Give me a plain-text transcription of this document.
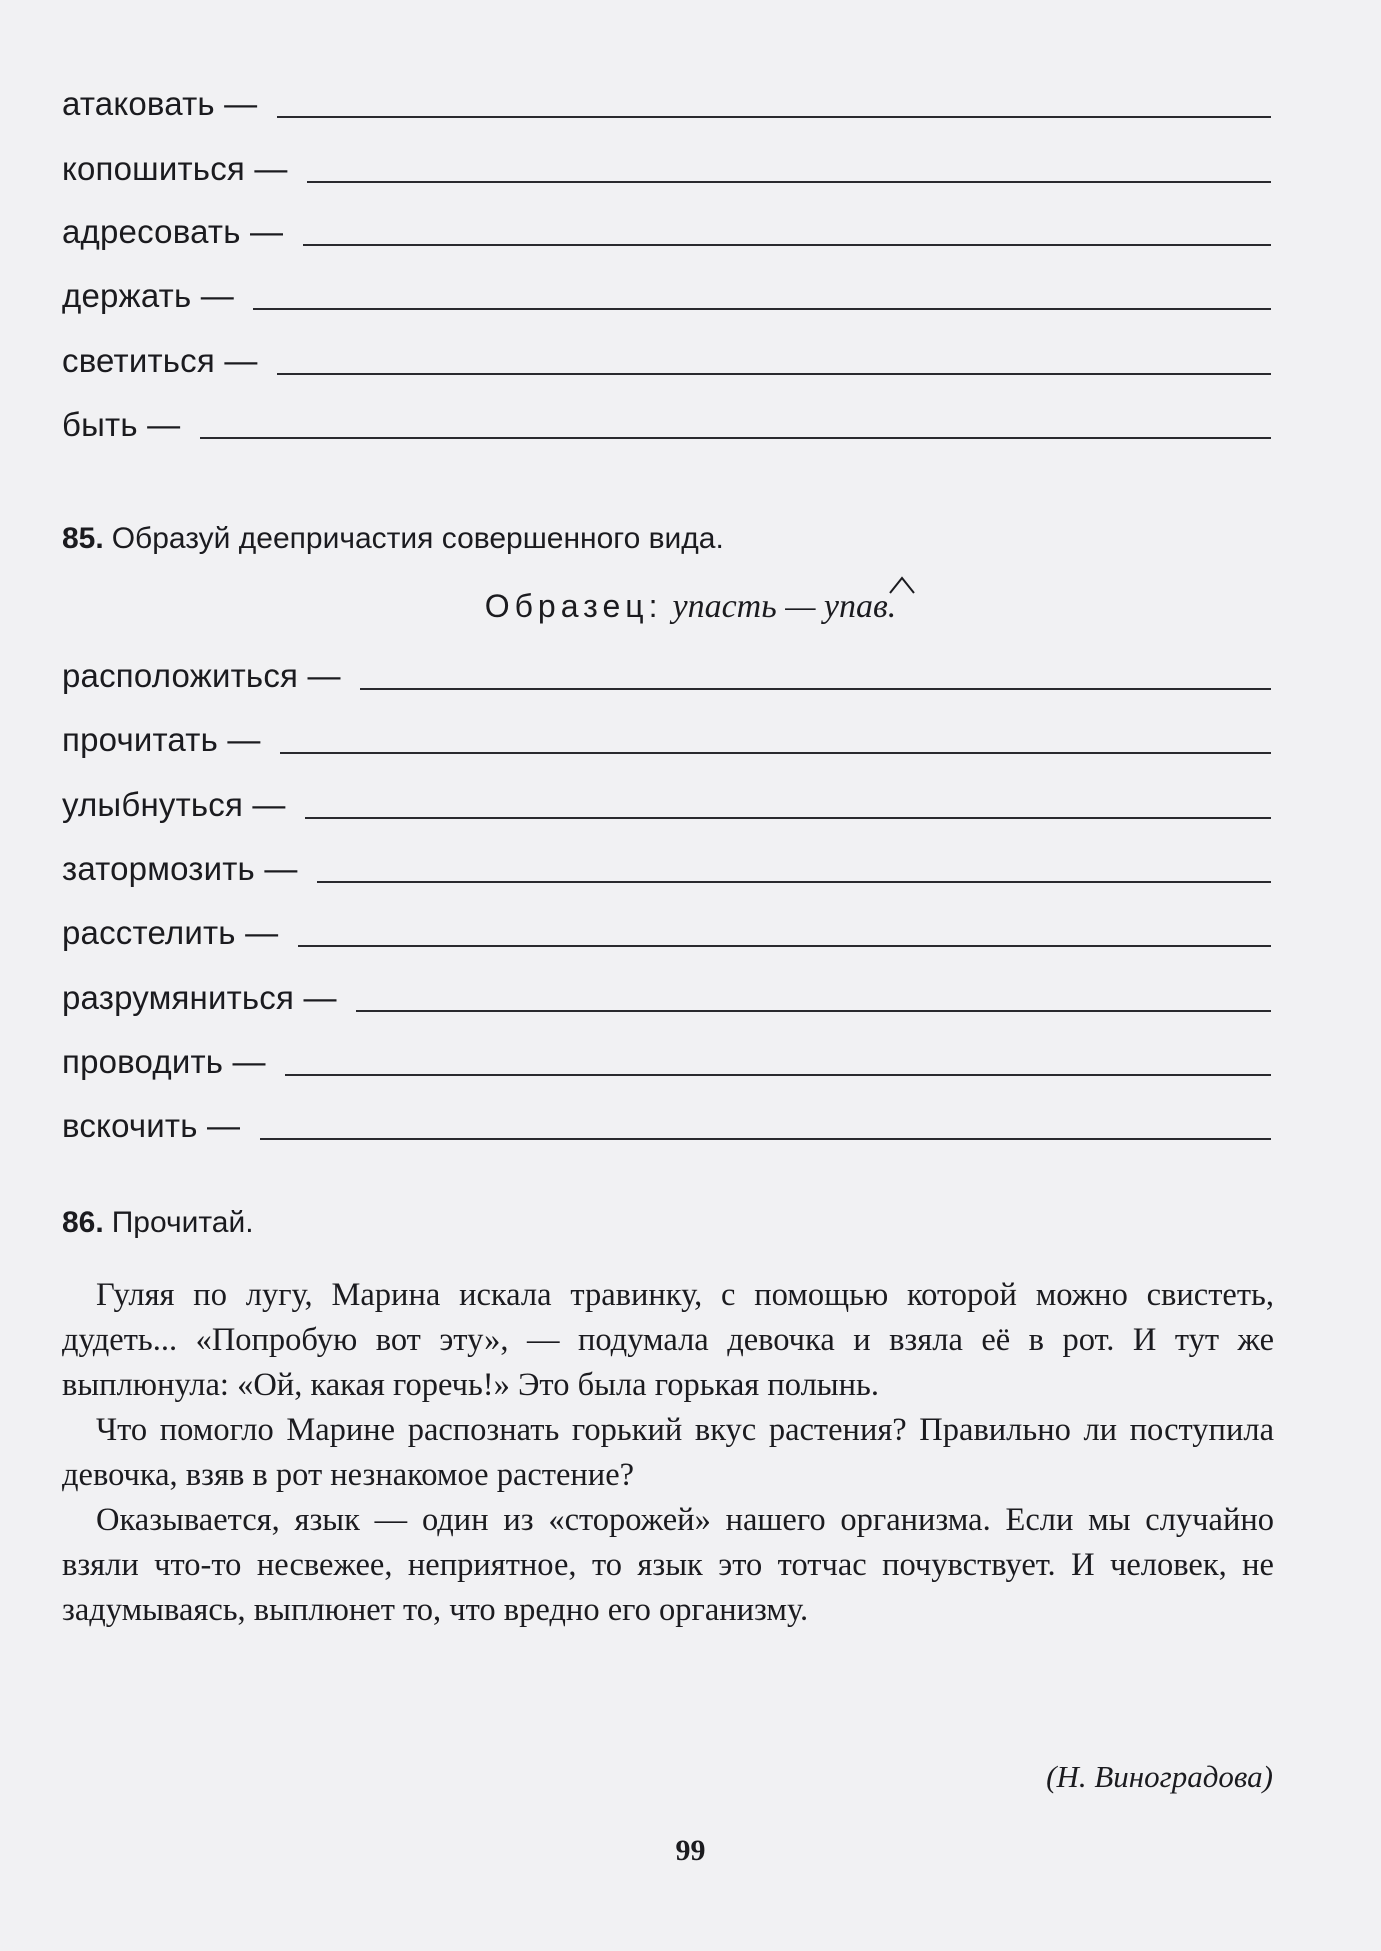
атаковать —
копошиться —
адресовать —
держать —
светиться —
быть —
85. Образуй деепричастия совершенного вида.
Образец: упасть — упав.
расположиться —
прочитать —
улыбнуться —
затормозить —
расстелить —
разрумяниться —
проводить —
вскочить —
86. Прочитай.

Гуляя по лугу, Марина искала травинку, с помощью которой можно свистеть, дудеть... «Попробую вот эту», — подумала девочка и взяла её в рот. И тут же выплюнула: «Ой, какая горечь!» Это была горькая полынь.

Что помогло Марине распознать горький вкус растения? Правильно ли поступила девочка, взяв в рот незнакомое растение?

Оказывается, язык — один из «сторожей» нашего организма. Если мы случайно взяли что-то несвежее, неприятное, то язык это тотчас почувствует. И человек, не задумываясь, выплюнет то, что вредно его организму.

(Н. Виноградова)
99
